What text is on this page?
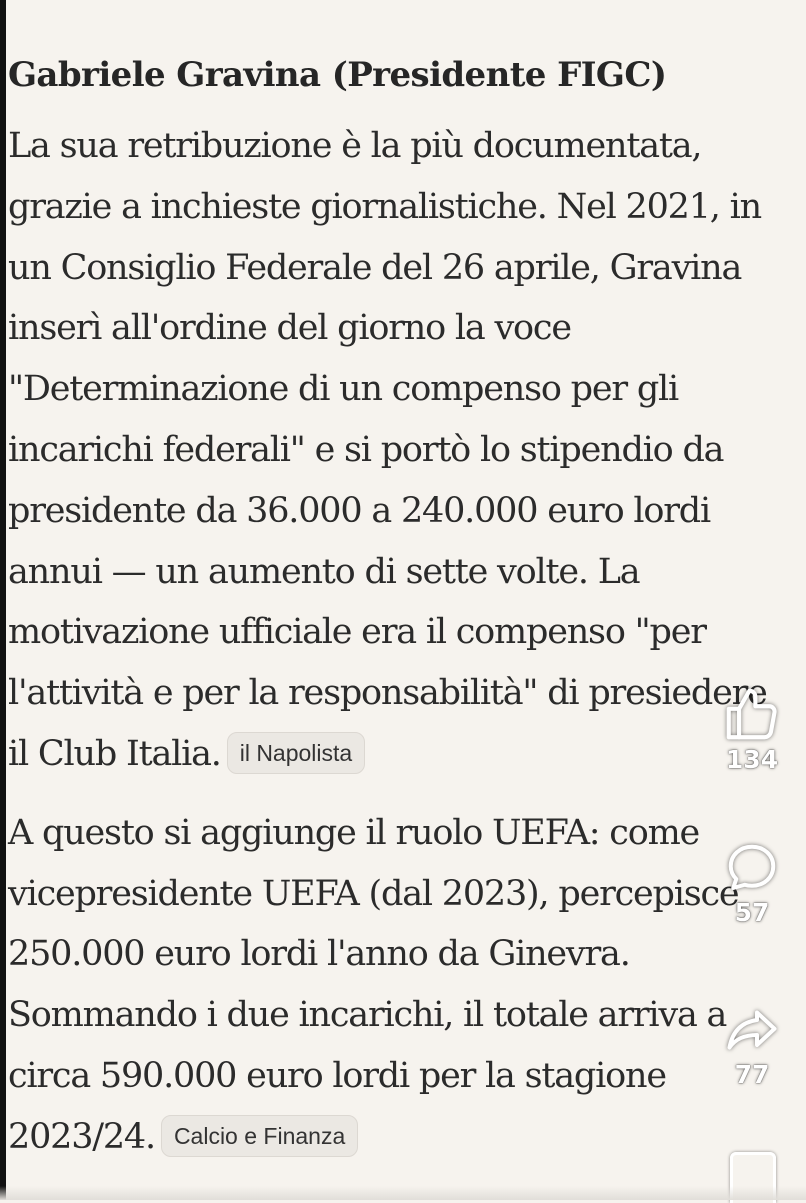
Gabriele Gravina (Presidente FIGC)

La sua retribuzione è la più documentata, grazie a inchieste giornalistiche. Nel 2021, in un Consiglio Federale del 26 aprile, Gravina inserì all'ordine del giorno la voce "Determinazione di un compenso per gli incarichi federali" e si portò lo stipendio da presidente da 36.000 a 240.000 euro lordi annui — un aumento di sette volte. La motivazione ufficiale era il compenso "per l'attività e per la responsabilità" di presiedere il Club Italia. il Napolista

A questo si aggiunge il ruolo UEFA: come vicepresidente UEFA (dal 2023), percepisce 250.000 euro lordi l'anno da Ginevra. Sommando i due incarichi, il totale arriva a circa 590.000 euro lordi per la stagione 2023/24. Calcio e Finanza

134
57
77
